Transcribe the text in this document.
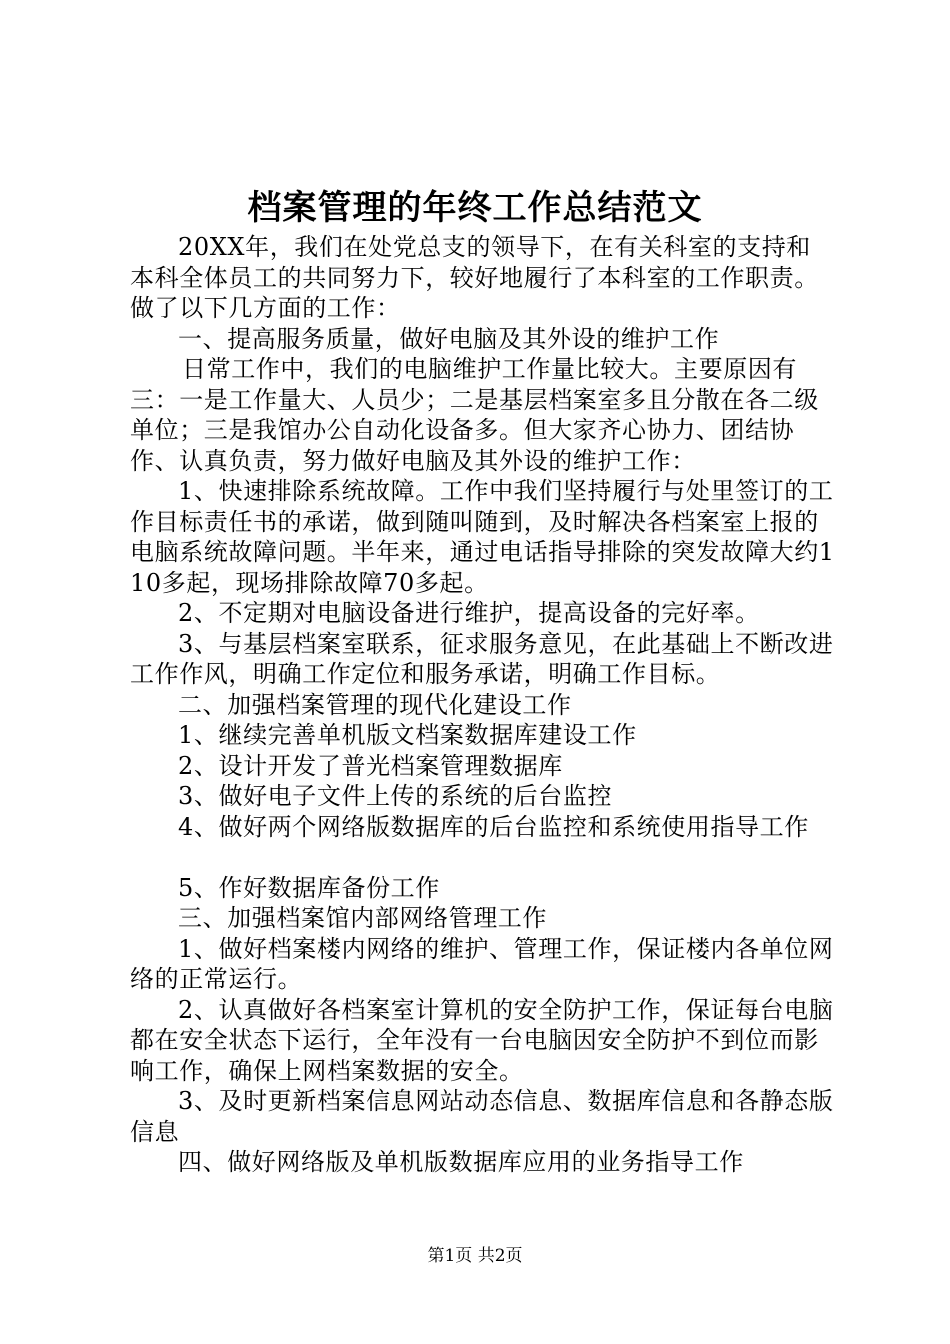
档案管理的年终工作总结范文

20XX年，我们在处党总支的领导下，在有关科室的支持和本科全体员工的共同努力下，较好地履行了本科室的工作职责。做了以下几方面的工作：

一、提高服务质量，做好电脑及其外设的维护工作

日常工作中，我们的电脑维护工作量比较大。主要原因有三：一是工作量大、人员少；二是基层档案室多且分散在各二级单位；三是我馆办公自动化设备多。但大家齐心协力、团结协作、认真负责，努力做好电脑及其外设的维护工作：

1、快速排除系统故障。工作中我们坚持履行与处里签订的工作目标责任书的承诺，做到随叫随到，及时解决各档案室上报的电脑系统故障问题。半年来，通过电话指导排除的突发故障大约110多起，现场排除故障70多起。

2、不定期对电脑设备进行维护，提高设备的完好率。

3、与基层档案室联系，征求服务意见，在此基础上不断改进工作作风，明确工作定位和服务承诺，明确工作目标。

二、加强档案管理的现代化建设工作

1、继续完善单机版文档案数据库建设工作

2、设计开发了普光档案管理数据库

3、做好电子文件上传的系统的后台监控

4、做好两个网络版数据库的后台监控和系统使用指导工作

5、作好数据库备份工作

三、加强档案馆内部网络管理工作

1、做好档案楼内网络的维护、管理工作，保证楼内各单位网络的正常运行。

2、认真做好各档案室计算机的安全防护工作，保证每台电脑都在安全状态下运行，全年没有一台电脑因安全防护不到位而影响工作，确保上网档案数据的安全。

3、及时更新档案信息网站动态信息、数据库信息和各静态版信息

四、做好网络版及单机版数据库应用的业务指导工作

第1页 共2页
